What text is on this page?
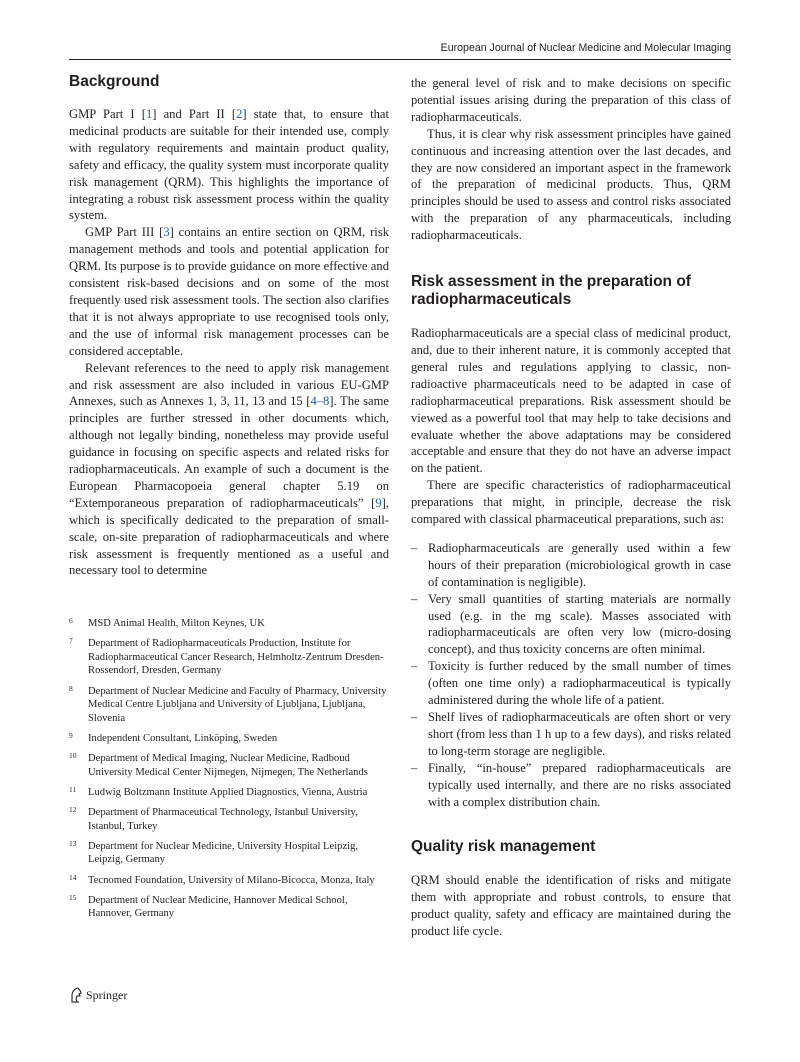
European Journal of Nuclear Medicine and Molecular Imaging
Background

GMP Part I [1] and Part II [2] state that, to ensure that medicinal products are suitable for their intended use, comply with regulatory requirements and maintain product quality, safety and efficacy, the quality system must incorporate quality risk management (QRM). This highlights the importance of integrating a robust risk assessment process within the quality system.

GMP Part III [3] contains an entire section on QRM, risk management methods and tools and potential application for QRM. Its purpose is to provide guidance on more effective and consistent risk-based decisions and on some of the most frequently used risk assessment tools. The section also clarifies that it is not always appropriate to use recognised tools only, and the use of informal risk management processes can be considered acceptable.

Relevant references to the need to apply risk management and risk assessment are also included in various EU-GMP Annexes, such as Annexes 1, 3, 11, 13 and 15 [4–8]. The same principles are further stressed in other documents which, although not legally binding, nonetheless may provide useful guidance in focusing on specific aspects and related risks for radiopharmaceuticals. An example of such a document is the European Pharmacopoeia general chapter 5.19 on “Extemporaneous preparation of radiopharmaceuticals” [9], which is specifically dedicated to the preparation of small-scale, on-site preparation of radiopharmaceuticals and where risk assessment is frequently mentioned as a useful and necessary tool to determine

6 MSD Animal Health, Milton Keynes, UK
7 Department of Radiopharmaceuticals Production, Institute for Radiopharmaceutical Cancer Research, Helmholtz-Zentrum Dresden-Rossendorf, Dresden, Germany
8 Department of Nuclear Medicine and Faculty of Pharmacy, University Medical Centre Ljubljana and University of Ljubljana, Ljubljana, Slovenia
9 Independent Consultant, Linköping, Sweden
10 Department of Medical Imaging, Nuclear Medicine, Radboud University Medical Center Nijmegen, Nijmegen, The Netherlands
11 Ludwig Boltzmann Institute Applied Diagnostics, Vienna, Austria
12 Department of Pharmaceutical Technology, Istanbul University, Istanbul, Turkey
13 Department for Nuclear Medicine, University Hospital Leipzig, Leipzig, Germany
14 Tecnomed Foundation, University of Milano-Bicocca, Monza, Italy
15 Department of Nuclear Medicine, Hannover Medical School, Hannover, Germany

the general level of risk and to make decisions on specific potential issues arising during the preparation of this class of radiopharmaceuticals.

Thus, it is clear why risk assessment principles have gained continuous and increasing attention over the last decades, and they are now considered an important aspect in the framework of the preparation of medicinal products. Thus, QRM principles should be used to assess and control risks associated with the preparation of any pharmaceuticals, including radiopharmaceuticals.

Risk assessment in the preparation of radiopharmaceuticals

Radiopharmaceuticals are a special class of medicinal product, and, due to their inherent nature, it is commonly accepted that general rules and regulations applying to classic, non-radioactive pharmaceuticals need to be adapted in case of radiopharmaceutical preparations. Risk assessment should be viewed as a powerful tool that may help to take decisions and evaluate whether the above adaptations may be considered acceptable and ensure that they do not have an adverse impact on the patient.

There are specific characteristics of radiopharmaceutical preparations that might, in principle, decrease the risk compared with classical pharmaceutical preparations, such as:

– Radiopharmaceuticals are generally used within a few hours of their preparation (microbiological growth in case of contamination is negligible).
– Very small quantities of starting materials are normally used (e.g. in the mg scale). Masses associated with radiopharmaceuticals are often very low (micro-dosing concept), and thus toxicity concerns are often minimal.
– Toxicity is further reduced by the small number of times (often one time only) a radiopharmaceutical is typically administered during the whole life of a patient.
– Shelf lives of radiopharmaceuticals are often short or very short (from less than 1 h up to a few days), and risks related to long-term storage are negligible.
– Finally, “in-house” prepared radiopharmaceuticals are typically used internally, and there are no risks associated with a complex distribution chain.
Quality risk management

QRM should enable the identification of risks and mitigate them with appropriate and robust controls, to ensure that product quality, safety and efficacy are maintained during the product life cycle.

Springer
